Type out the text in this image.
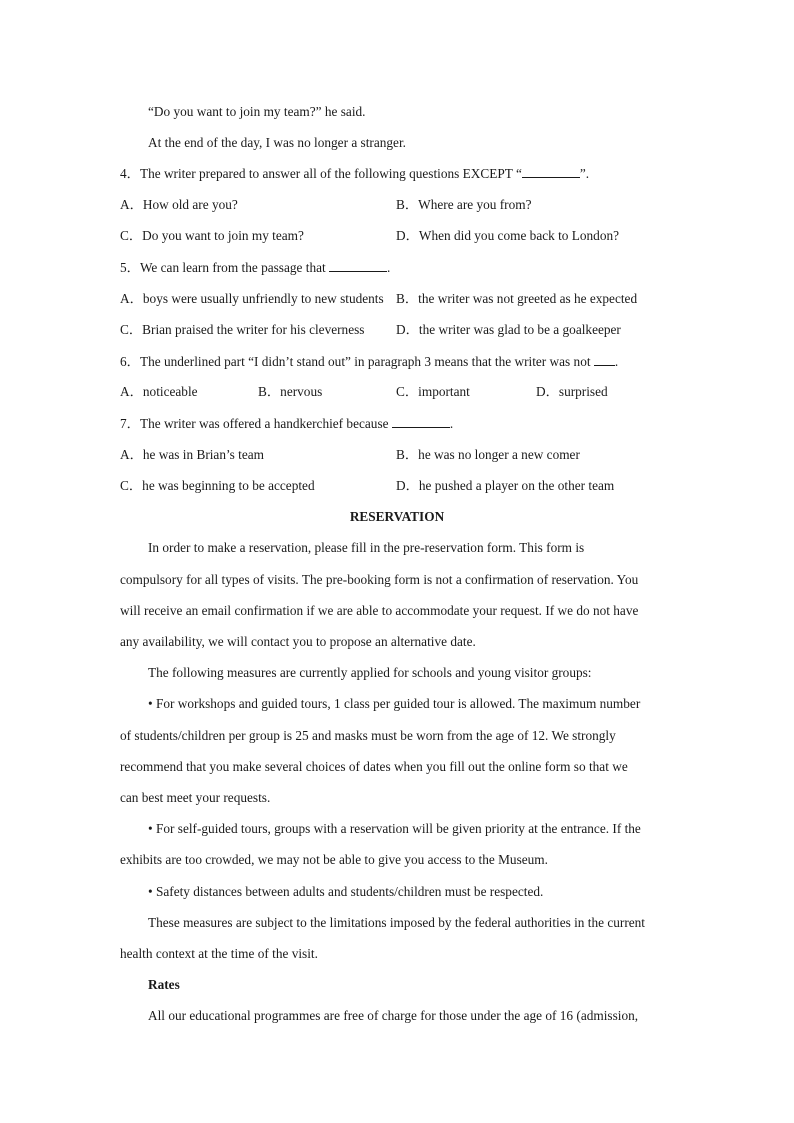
“Do you want to join my team?” he said.
At the end of the day, I was no longer a stranger.
4．The writer prepared to answer all of the following questions EXCEPT “	”.
A．How old are you?	B．Where are you from?
C．Do you want to join my team?	D．When did you come back to London?
5．We can learn from the passage that	.
A．boys were usually unfriendly to new students B．the writer was not greeted as he expected
C．Brian praised the writer for his cleverness D．the writer was glad to be a goalkeeper
6．The underlined part “I didn’t stand out” in paragraph 3 means that the writer was not .
A．noticeable	B．nervous	C．important	D．surprised
7．The writer was offered a handkerchief because	.
A．he was in Brian’s team	B．he was no longer a new comer
C．he was beginning to be accepted	D．he pushed a player on the other team
RESERVATION
In order to make a reservation, please fill in the pre-reservation form. This form is
compulsory for all types of visits. The pre-booking form is not a confirmation of reservation. You
will receive an email confirmation if we are able to accommodate your request. If we do not have
any availability, we will contact you to propose an alternative date.
The following measures are currently applied for schools and young visitor groups:
• For workshops and guided tours, 1 class per guided tour is allowed. The maximum number
of students/children per group is 25 and masks must be worn from the age of 12. We strongly
recommend that you make several choices of dates when you fill out the online form so that we
can best meet your requests.
• For self-guided tours, groups with a reservation will be given priority at the entrance. If the
exhibits are too crowded, we may not be able to give you access to the Museum.
• Safety distances between adults and students/children must be respected.
These measures are subject to the limitations imposed by the federal authorities in the current
health context at the time of the visit.
Rates
All our educational programmes are free of charge for those under the age of 16 (admission,
